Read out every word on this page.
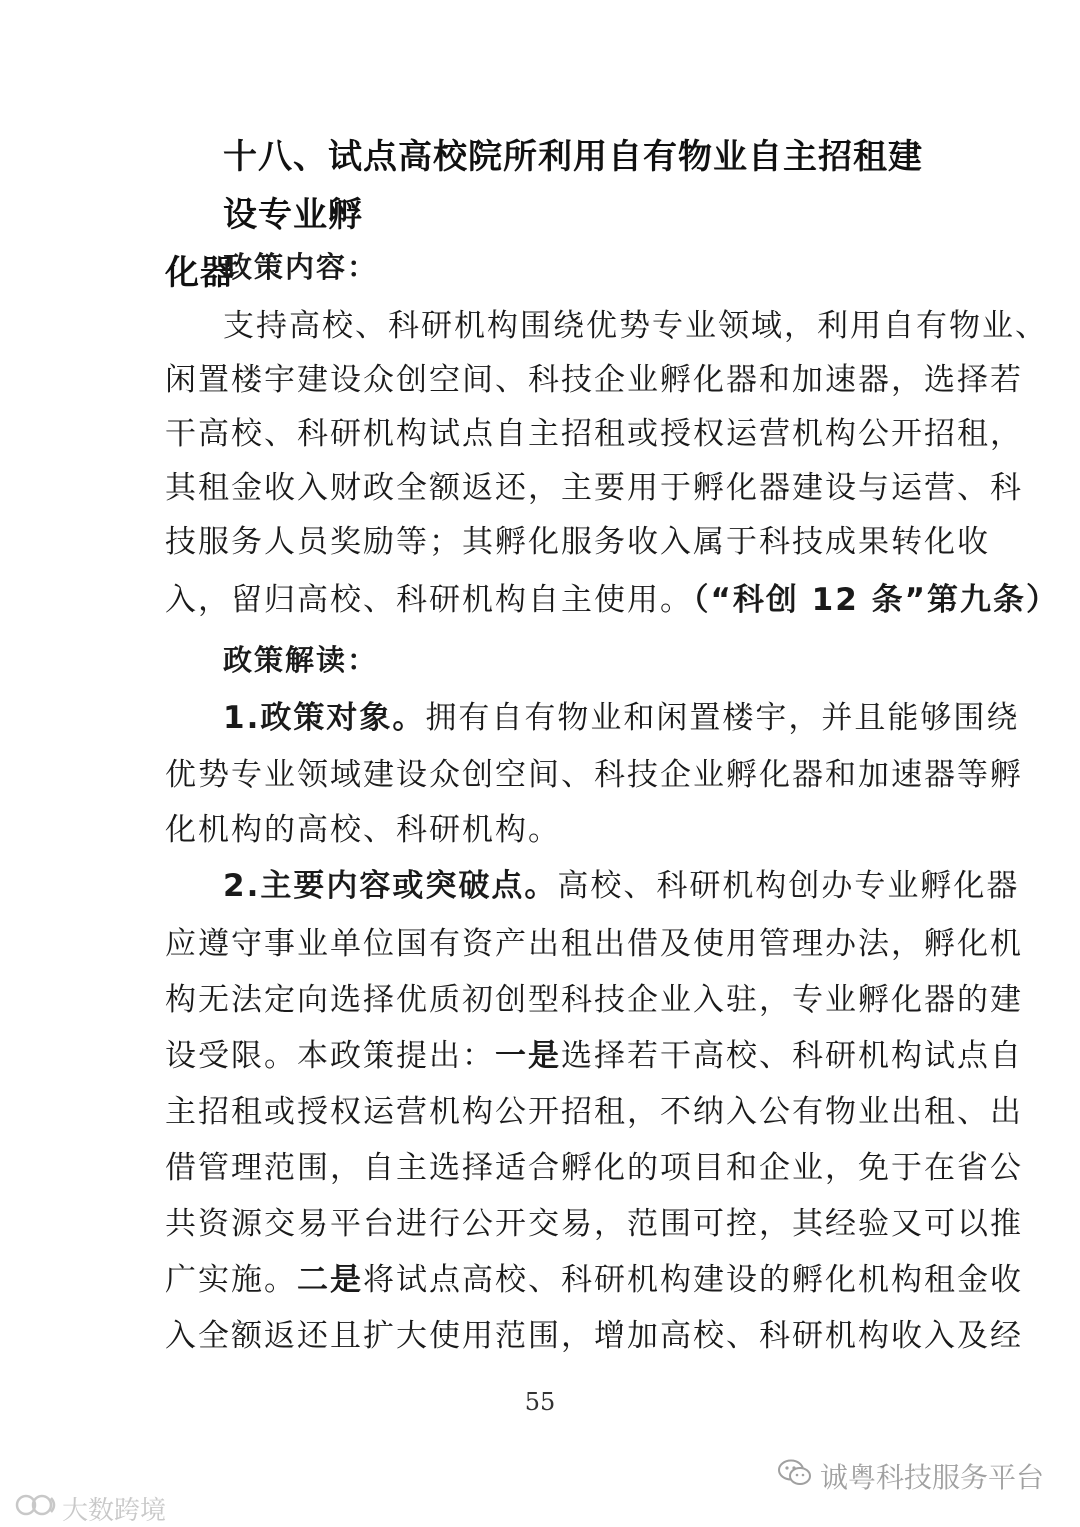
十八、试点高校院所利用自有物业自主招租建设专业孵
化器
政策内容：
支持高校、科研机构围绕优势专业领域，利用自有物业、
闲置楼宇建设众创空间、科技企业孵化器和加速器，选择若
干高校、科研机构试点自主招租或授权运营机构公开招租，
其租金收入财政全额返还，主要用于孵化器建设与运营、科
技服务人员奖励等；其孵化服务收入属于科技成果转化收
入，留归高校、科研机构自主使用。（“科创 12 条”第九条）
政策解读：
1.政策对象。拥有自有物业和闲置楼宇，并且能够围绕
优势专业领域建设众创空间、科技企业孵化器和加速器等孵
化机构的高校、科研机构。
2.主要内容或突破点。高校、科研机构创办专业孵化器
应遵守事业单位国有资产出租出借及使用管理办法，孵化机
构无法定向选择优质初创型科技企业入驻，专业孵化器的建
设受限。本政策提出：一是选择若干高校、科研机构试点自
主招租或授权运营机构公开招租，不纳入公有物业出租、出
借管理范围，自主选择适合孵化的项目和企业，免于在省公
共资源交易平台进行公开交易，范围可控，其经验又可以推
广实施。二是将试点高校、科研机构建设的孵化机构租金收
入全额返还且扩大使用范围，增加高校、科研机构收入及经
55
诚粤科技服务平台
大数跨境
